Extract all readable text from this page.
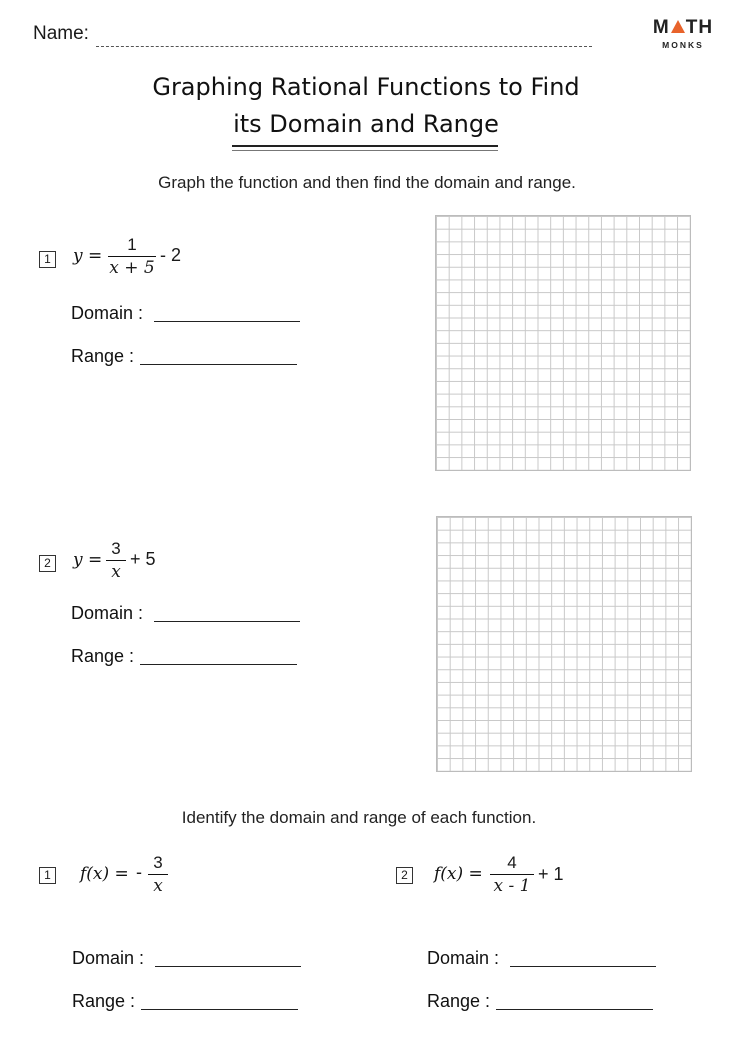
Name:	M TH
MONKS
Graphing Rational Functions to Find
its Domain and Range
Graph the function and then find the domain and range.
1	y =
1
x + 5
- 2
Domain :
Range :
2	y =
3
x
+ 5
Domain :
Range :
Identify the domain and range of each function.
1	f(x) = - 3
x
Domain :
Range :
2	f(x) =
4
x - 1
+ 1
Domain :
Range :
